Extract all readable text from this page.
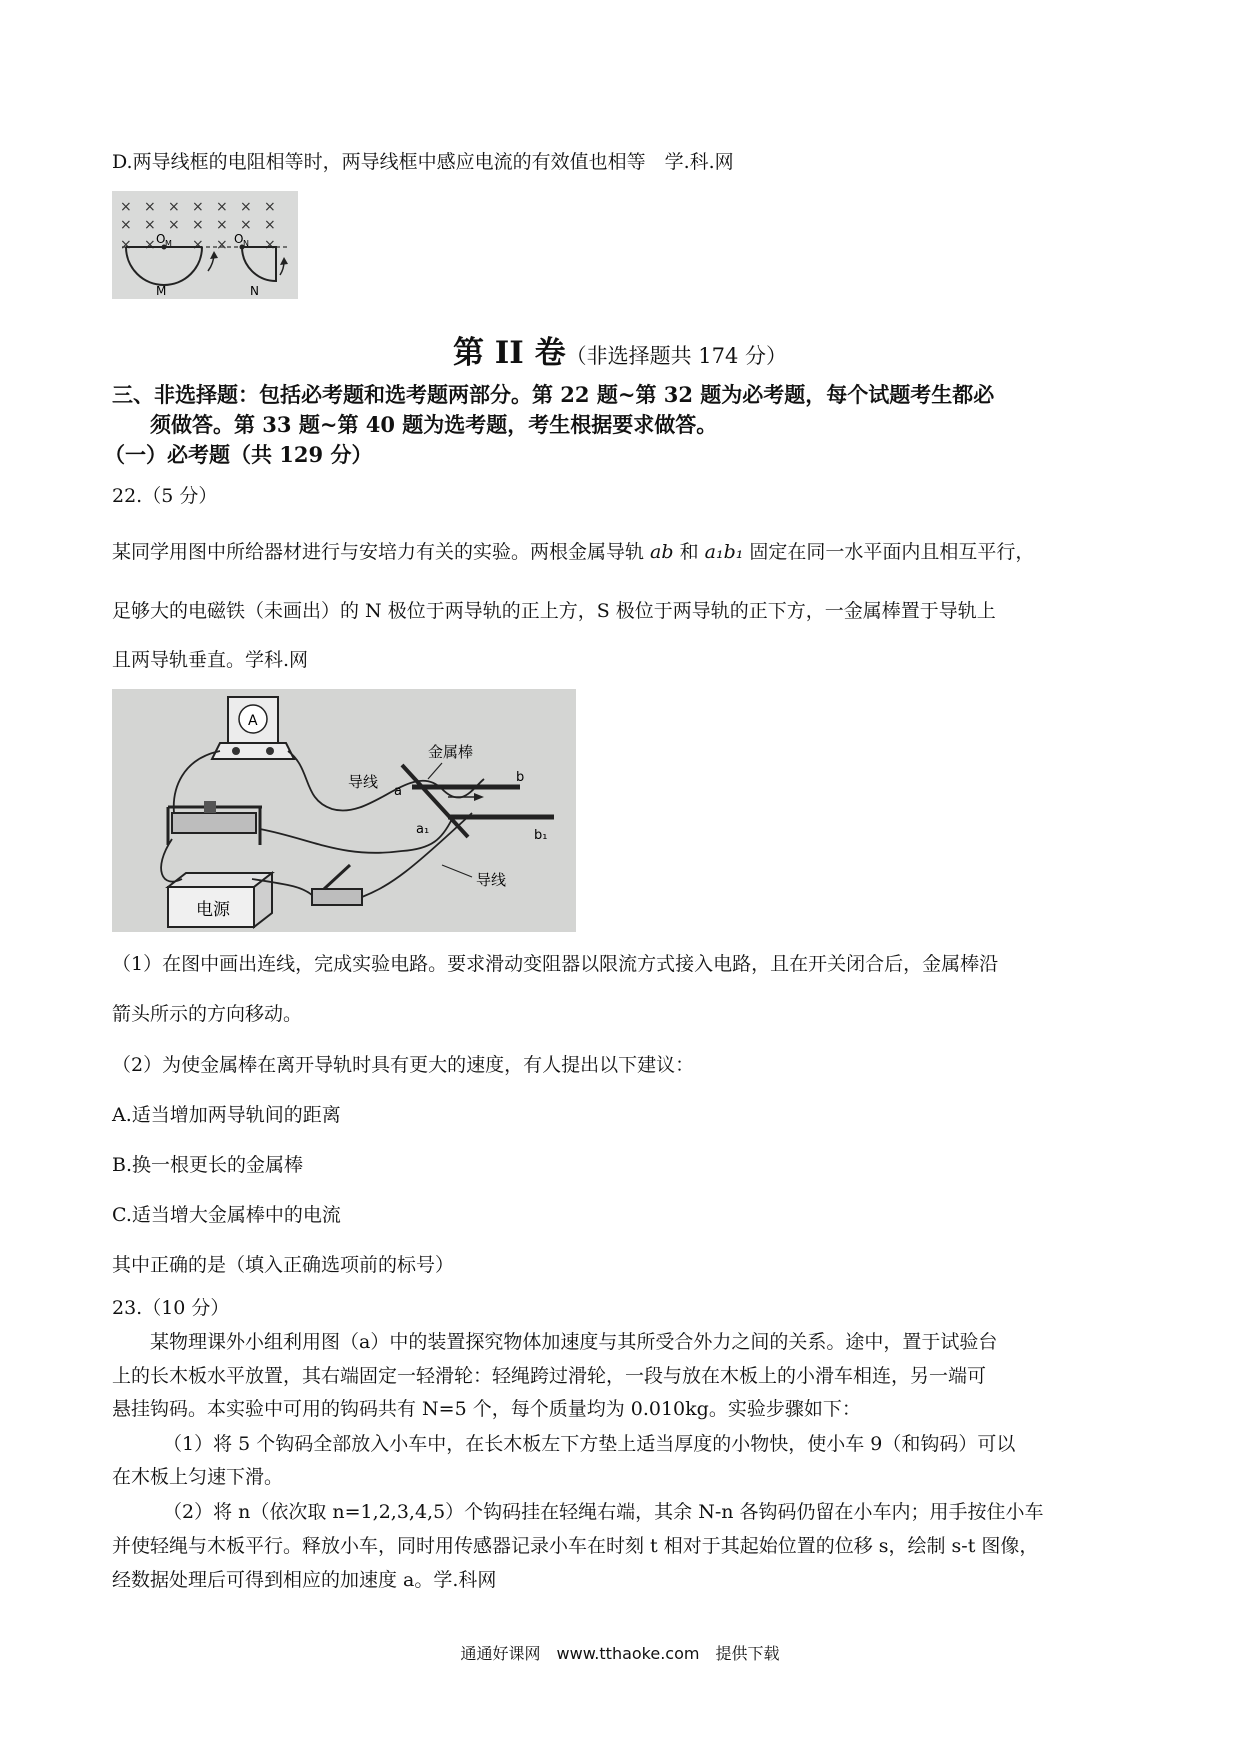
D.两导线框的电阻相等时，两导线框中感应电流的有效值也相等　学.科.网
× × × × × × ×
× × × × × × ×
× ×	× ×	×
O M	O N
M	N
第 II 卷（非选择题共 174 分）
三、非选择题：包括必考题和选考题两部分。第 22 题~第 32 题为必考题，每个试题考生都必
须做答。第 33 题~第 40 题为选考题，考生根据要求做答。
（一）必考题（共 129 分）
22.（5 分）
某同学用图中所给器材进行与安培力有关的实验。两根金属导轨 ab 和 a₁b₁ 固定在同一水平面内且相互平行，
足够大的电磁铁（未画出）的 N 极位于两导轨的正上方，S 极位于两导轨的正下方，一金属棒置于导轨上
且两导轨垂直。学科.网
A
电源
导线
金属棒
a
b
a₁	b₁
导线
（1）在图中画出连线，完成实验电路。要求滑动变阻器以限流方式接入电路，且在开关闭合后，金属棒沿
箭头所示的方向移动。
（2）为使金属棒在离开导轨时具有更大的速度，有人提出以下建议：
A.适当增加两导轨间的距离
B.换一根更长的金属棒
C.适当增大金属棒中的电流
其中正确的是（填入正确选项前的标号）
23.（10 分）
某物理课外小组利用图（a）中的装置探究物体加速度与其所受合外力之间的关系。途中，置于试验台
上的长木板水平放置，其右端固定一轻滑轮：轻绳跨过滑轮，一段与放在木板上的小滑车相连，另一端可
悬挂钩码。本实验中可用的钩码共有 N=5 个，每个质量均为 0.010kg。实验步骤如下：
（1）将 5 个钩码全部放入小车中，在长木板左下方垫上适当厚度的小物快，使小车 9（和钩码）可以
在木板上匀速下滑。
（2）将 n（依次取 n=1,2,3,4,5）个钩码挂在轻绳右端，其余 N-n 各钩码仍留在小车内；用手按住小车
并使轻绳与木板平行。释放小车，同时用传感器记录小车在时刻 t 相对于其起始位置的位移 s，绘制 s-t 图像，
经数据处理后可得到相应的加速度 a。学.科网
通通好课网　www.tthaoke.com　提供下载
